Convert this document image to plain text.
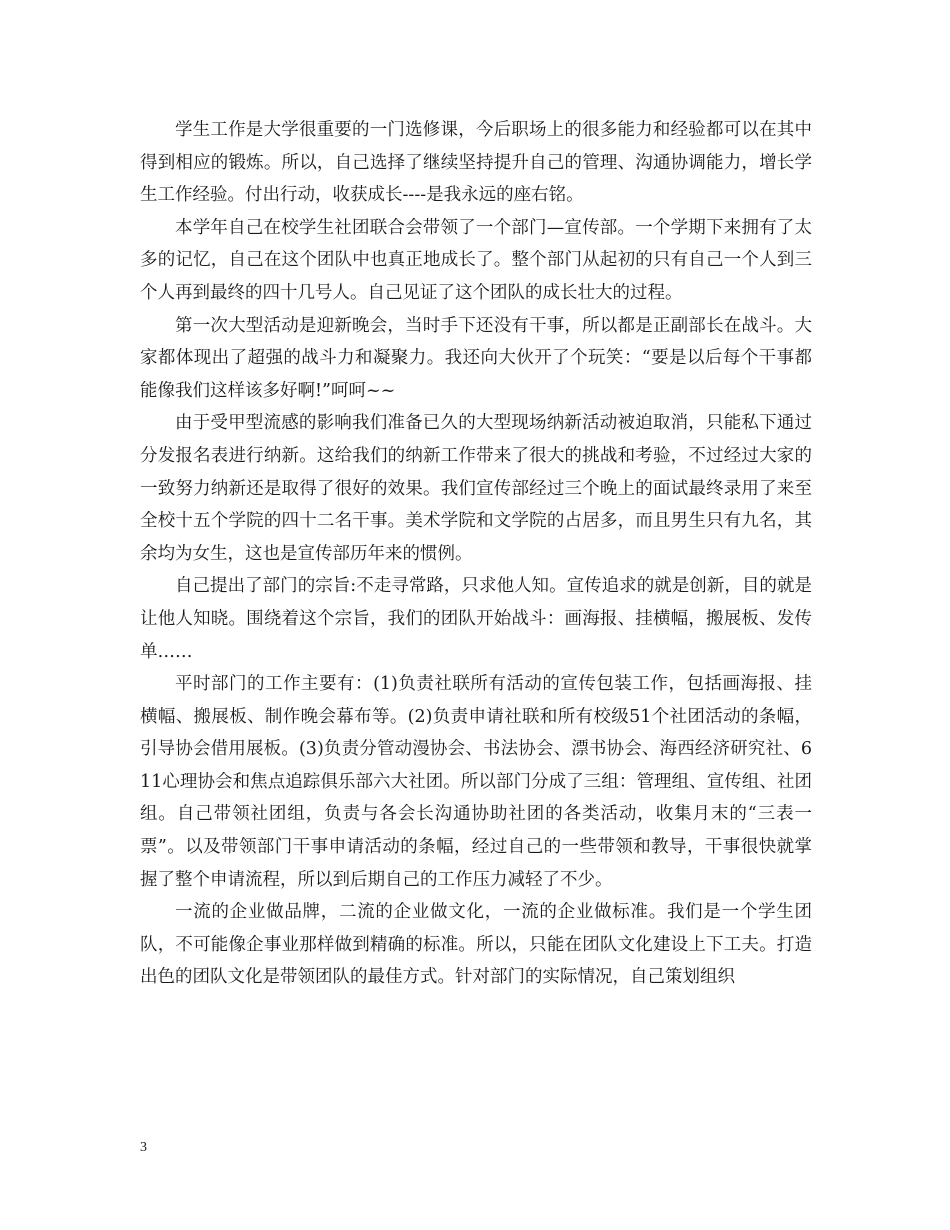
学生工作是大学很重要的一门选修课，今后职场上的很多能力和经验都可以在其中得到相应的锻炼。所以，自己选择了继续坚持提升自己的管理、沟通协调能力，增长学生工作经验。付出行动，收获成长----是我永远的座右铭。

本学年自己在校学生社团联合会带领了一个部门—宣传部。一个学期下来拥有了太多的记忆，自己在这个团队中也真正地成长了。整个部门从起初的只有自己一个人到三个人再到最终的四十几号人。自己见证了这个团队的成长壮大的过程。

第一次大型活动是迎新晚会，当时手下还没有干事，所以都是正副部长在战斗。大家都体现出了超强的战斗力和凝聚力。我还向大伙开了个玩笑：“要是以后每个干事都能像我们这样该多好啊!”呵呵~~

由于受甲型流感的影响我们准备已久的大型现场纳新活动被迫取消，只能私下通过分发报名表进行纳新。这给我们的纳新工作带来了很大的挑战和考验，不过经过大家的一致努力纳新还是取得了很好的效果。我们宣传部经过三个晚上的面试最终录用了来至全校十五个学院的四十二名干事。美术学院和文学院的占居多，而且男生只有九名，其余均为女生，这也是宣传部历年来的惯例。

自己提出了部门的宗旨:不走寻常路，只求他人知。宣传追求的就是创新，目的就是让他人知晓。围绕着这个宗旨，我们的团队开始战斗：画海报、挂横幅，搬展板、发传单……

平时部门的工作主要有：(1)负责社联所有活动的宣传包装工作，包括画海报、挂横幅、搬展板、制作晚会幕布等。(2)负责申请社联和所有校级51个社团活动的条幅，引导协会借用展板。(3)负责分管动漫协会、书法协会、漂书协会、海西经济研究社、611心理协会和焦点追踪俱乐部六大社团。所以部门分成了三组：管理组、宣传组、社团组。自己带领社团组，负责与各会长沟通协助社团的各类活动，收集月末的“三表一票”。以及带领部门干事申请活动的条幅，经过自己的一些带领和教导，干事很快就掌握了整个申请流程，所以到后期自己的工作压力减轻了不少。

一流的企业做品牌，二流的企业做文化，一流的企业做标准。我们是一个学生团队，不可能像企事业那样做到精确的标准。所以，只能在团队文化建设上下工夫。打造出色的团队文化是带领团队的最佳方式。针对部门的实际情况，自己策划组织

3
